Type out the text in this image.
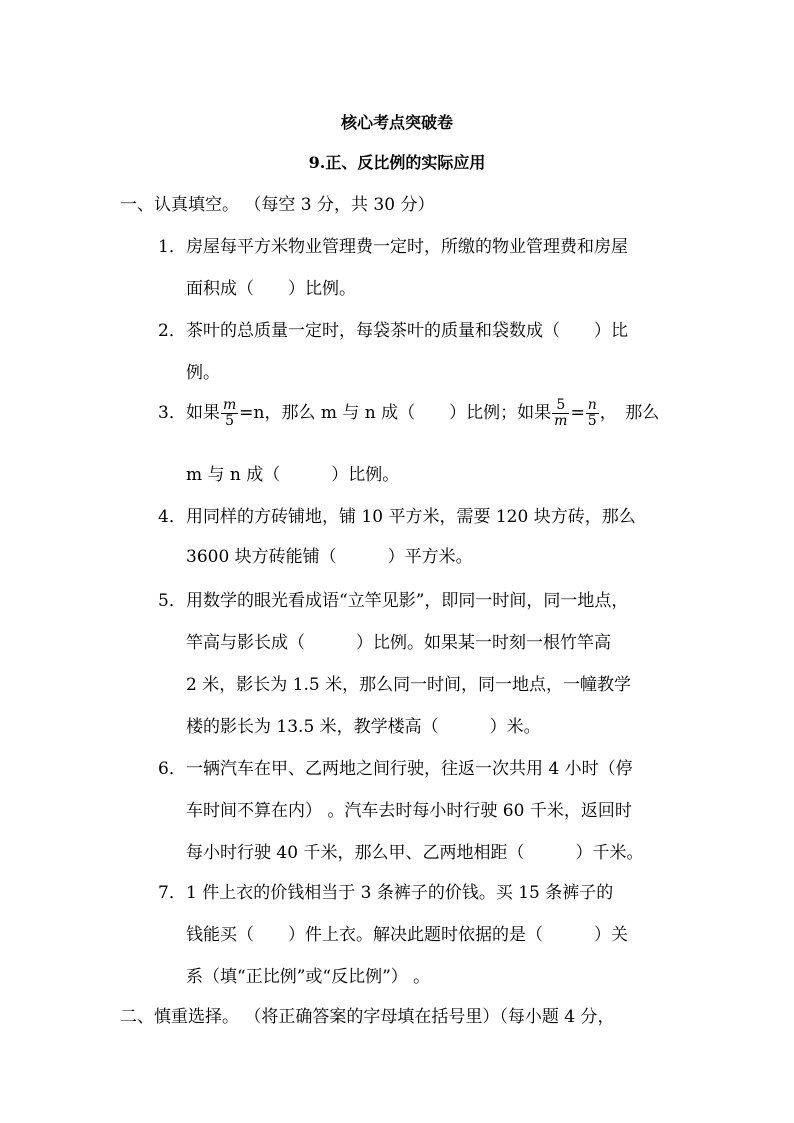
核心考点突破卷
9.正、反比例的实际应用
一、认真填空。 （每空 3 分，共 30 分）
1．房屋每平方米物业管理费一定时，所缴的物业管理费和房屋
面积成（　　）比例。
2．茶叶的总质量一定时，每袋茶叶的质量和袋数成（　　）比
例。
3．如果 $\frac{m}{5} =n$，那么 m 与 n 成（　　）比例；如果 $\frac{5}{m} = \frac{n}{5}$ ，　那么
m 与 n 成（　　　）比例。
4．用同样的方砖铺地，铺 10 平方米，需要 120 块方砖，那么
3600 块方砖能铺（　　　）平方米。
5．用数学的眼光看成语“立竿见影”，即同一时间，同一地点，
竿高与影长成（　　　）比例。如果某一时刻一根竹竿高
2 米，影长为 1.5 米，那么同一时间，同一地点，一幢教学
楼的影长为 13.5 米，教学楼高（　　　）米。
6．一辆汽车在甲、乙两地之间行驶，往返一次共用 4 小时（停
车时间不算在内） 。汽车去时每小时行驶 60 千米，返回时
每小时行驶 40 千米，那么甲、乙两地相距（　　　）千米。
7．1 件上衣的价钱相当于 3 条裤子的价钱。买 15 条裤子的
钱能买（　　）件上衣。解决此题时依据的是（　　　）关
系（填“正比例”或“反比例”） 。
二、慎重选择。 （将正确答案的字母填在括号里）（每小题 4 分，
